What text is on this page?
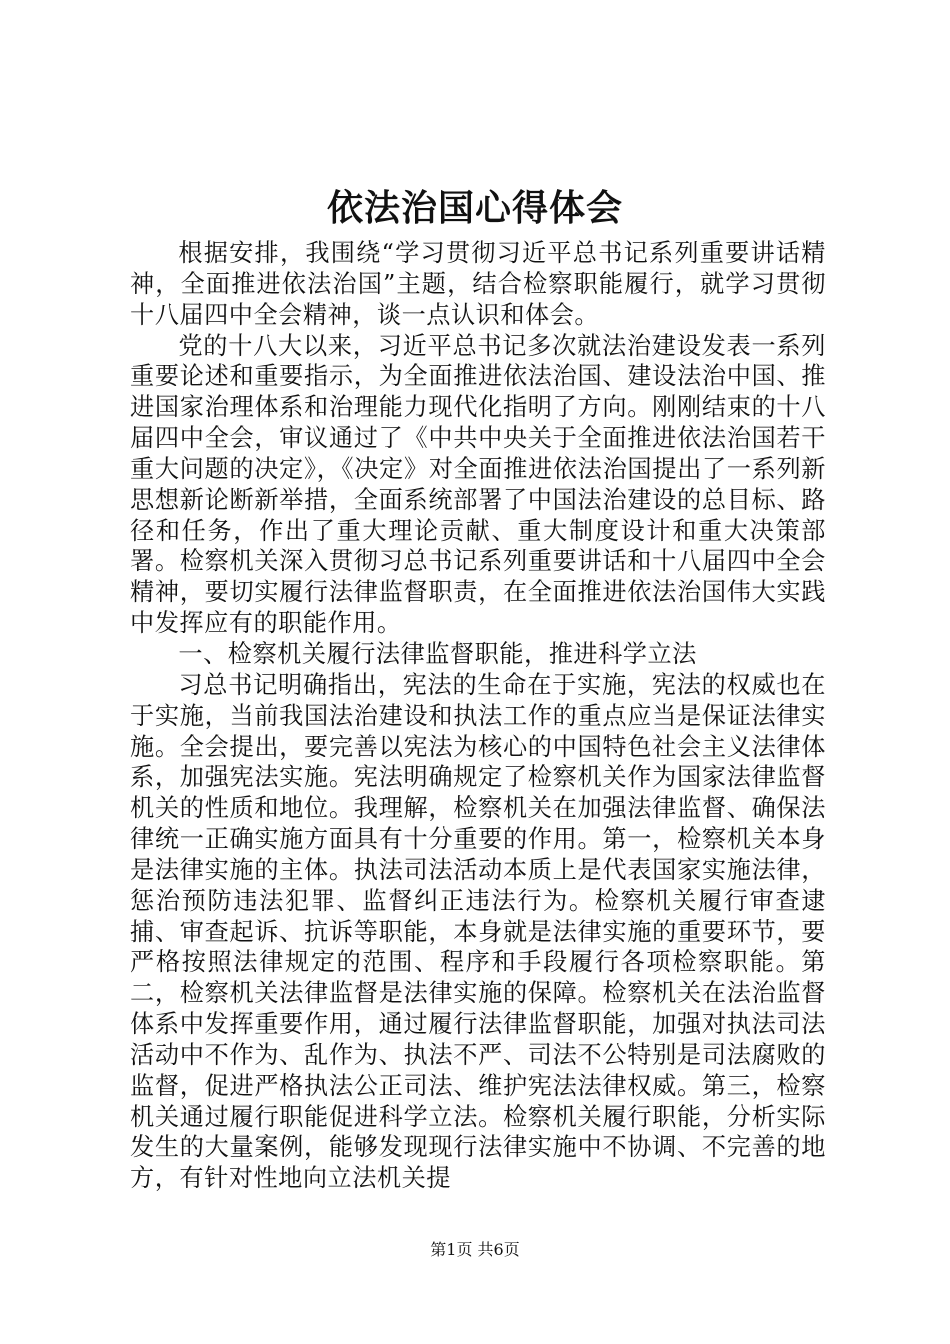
依法治国心得体会

根据安排，我围绕“学习贯彻习近平总书记系列重要讲话精神，全面推进依法治国”主题，结合检察职能履行，就学习贯彻十八届四中全会精神，谈一点认识和体会。

党的十八大以来，习近平总书记多次就法治建设发表一系列重要论述和重要指示，为全面推进依法治国、建设法治中国、推进国家治理体系和治理能力现代化指明了方向。刚刚结束的十八届四中全会，审议通过了《中共中央关于全面推进依法治国若干重大问题的决定》，《决定》对全面推进依法治国提出了一系列新思想新论断新举措，全面系统部署了中国法治建设的总目标、路径和任务，作出了重大理论贡献、重大制度设计和重大决策部署。检察机关深入贯彻习总书记系列重要讲话和十八届四中全会精神，要切实履行法律监督职责，在全面推进依法治国伟大实践中发挥应有的职能作用。

一、检察机关履行法律监督职能，推进科学立法

习总书记明确指出，宪法的生命在于实施，宪法的权威也在于实施，当前我国法治建设和执法工作的重点应当是保证法律实施。全会提出，要完善以宪法为核心的中国特色社会主义法律体系，加强宪法实施。宪法明确规定了检察机关作为国家法律监督机关的性质和地位。我理解，检察机关在加强法律监督、确保法律统一正确实施方面具有十分重要的作用。第一，检察机关本身是法律实施的主体。执法司法活动本质上是代表国家实施法律，惩治预防违法犯罪、监督纠正违法行为。检察机关履行审查逮捕、审查起诉、抗诉等职能，本身就是法律实施的重要环节，要严格按照法律规定的范围、程序和手段履行各项检察职能。第二，检察机关法律监督是法律实施的保障。检察机关在法治监督体系中发挥重要作用，通过履行法律监督职能，加强对执法司法活动中不作为、乱作为、执法不严、司法不公特别是司法腐败的监督，促进严格执法公正司法、维护宪法法律权威。第三，检察机关通过履行职能促进科学立法。检察机关履行职能，分析实际发生的大量案例，能够发现现行法律实施中不协调、不完善的地方，有针对性地向立法机关提

第1页 共6页
